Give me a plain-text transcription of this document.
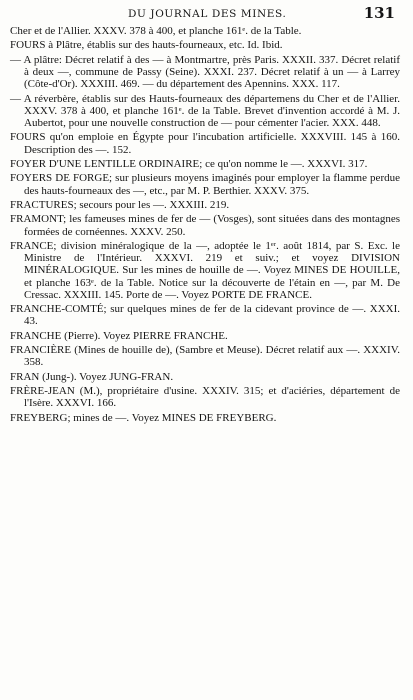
DU JOURNAL DES MINES.	131

Cher et de l'Allier. XXXV. 378 à 400, et planche 161ᵉ. de la Table.

FOURS à Plâtre, établis sur des hauts-fourneaux, etc. Id. Ibid.

— A plâtre: Décret relatif à des — à Montmartre, près Paris. XXXII. 337. Décret relatif à deux —, commune de Passy (Seine). XXXI. 237. Décret relatif à un — à Larrey (Côte-d'Or). XXXIII. 469. — du département des Apennins. XXX. 117.

— A réverbère, établis sur des Hauts-fourneaux des départemens du Cher et de l'Allier. XXXV. 378 à 400, et planche 161ᵉ. de la Table. Brevet d'invention accordé à M. J. Aubertot, pour une nouvelle construction de — pour cémenter l'acier. XXX. 448.

FOURS qu'on emploie en Égypte pour l'incubation artificielle. XXXVIII. 145 à 160. Description des —. 152.

FOYER D'UNE LENTILLE ORDINAIRE; ce qu'on nomme le —. XXXVI. 317.

FOYERS DE FORGE; sur plusieurs moyens imaginés pour employer la flamme perdue des hauts-fourneaux des —, etc., par M. P. Berthier. XXXV. 375.

FRACTURES; secours pour les —. XXXIII. 219.

FRAMONT; les fameuses mines de fer de — (Vosges), sont situées dans des montagnes formées de cornéennes. XXXV. 250.

FRANCE; division minéralogique de la —, adoptée le 1ᵉʳ. août 1814, par S. Exc. le Ministre de l'Intérieur. XXXVI. 219 et suiv.; et voyez DIVISION MINÉRALOGIQUE. Sur les mines de houille de —. Voyez MINES DE HOUILLE, et planche 163ᵉ. de la Table. Notice sur la découverte de l'étain en —, par M. De Cressac. XXXIII. 145. Porte de —. Voyez PORTE DE FRANCE.

FRANCHE-COMTÉ; sur quelques mines de fer de la cidevant province de —. XXXI. 43.

FRANCHE (Pierre). Voyez PIERRE FRANCHE.

FRANCIÈRE (Mines de houille de), (Sambre et Meuse). Décret relatif aux —. XXXIV. 358.

FRAN (Jung-). Voyez JUNG-FRAN.

FRÈRE-JEAN (M.), propriétaire d'usine. XXXIV. 315; et d'aciéries, département de l'Isère. XXXVI. 166.

FREYBERG; mines de —. Voyez MINES DE FREYBERG.
